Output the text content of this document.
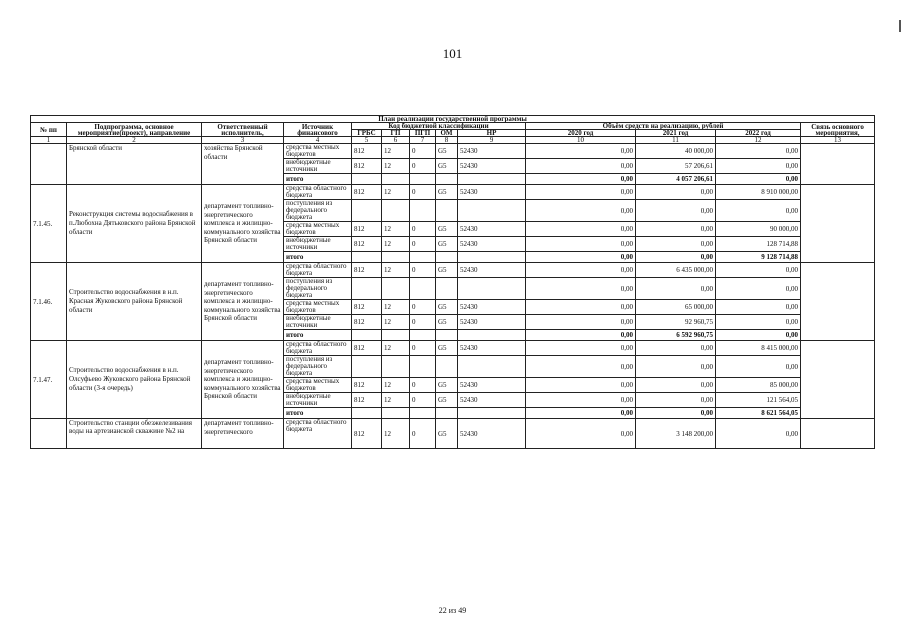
101
План реализации государственной программы												
№ пп	Подпрограмма, основное мероприятие(проект), направление	Ответственный исполнитель,	Источник финансового	Код бюджетной классификации					Объём средств на реализацию, рублей			Связь основного мероприятия,
				ГРБС	ГП	ПГП	ОМ	НР	2020 год	2021 год	2022 год	
1	2	3	4	5	6	7	8	9	10	11	12	13
	Брянской области	хозяйства Брянской области	средства местных бюджетов	812	12	0	G5	52430	0,00	40 000,00	0,00	
			внебюджетные источники	812	12	0	G5	52430	0,00	57 206,61	0,00	
			итого						0,00	4 057 206,61	0,00	
7.1.45.	Реконструкция системы водоснабжения в п.Любохна Дятьковского района Брянской области	департамент топливно-энергетического комплекса и жилищно-коммунального хозяйства Брянской области	средства областного бюджета	812	12	0	G5	52430	0,00	0,00	8 910 000,00	
			поступления из федерального бюджета						0,00	0,00	0,00	
			средства местных бюджетов	812	12	0	G5	52430	0,00	0,00	90 000,00	
			внебюджетные источники	812	12	0	G5	52430	0,00	0,00	128 714,88	
			итого						0,00	0,00	9 128 714,88	
7.1.46.	Строительство водоснабжения в н.п. Красная Жуковского района Брянской области	департамент топливно-энергетического комплекса и жилищно-коммунального хозяйства Брянской области	средства областного бюджета	812	12	0	G5	52430	0,00	6 435 000,00	0,00	
			поступления из федерального бюджета						0,00	0,00	0,00	
			средства местных бюджетов	812	12	0	G5	52430	0,00	65 000,00	0,00	
			внебюджетные источники	812	12	0	G5	52430	0,00	92 960,75	0,00	
			итого						0,00	6 592 960,75	0,00	
7.1.47.	Строительство водоснабжения в н.п. Олсуфьево Жуковского района Брянской области (3-я очередь)	департамент топливно-энергетического комплекса и жилищно-коммунального хозяйства Брянской области	средства областного бюджета	812	12	0	G5	52430	0,00	0,00	8 415 000,00	
			поступления из федерального бюджета						0,00	0,00	0,00	
			средства местных бюджетов	812	12	0	G5	52430	0,00	0,00	85 000,00	
			внебюджетные источники	812	12	0	G5	52430	0,00	0,00	121 564,05	
			итого						0,00	0,00	8 621 564,05	
	Строительство станции обезжелезивания воды на артезианской скважине №2 на	департамент топливно-энергетического	средства областного бюджета	812	12	0	G5	52430	0,00	3 148 200,00	0,00	
22 из 49
